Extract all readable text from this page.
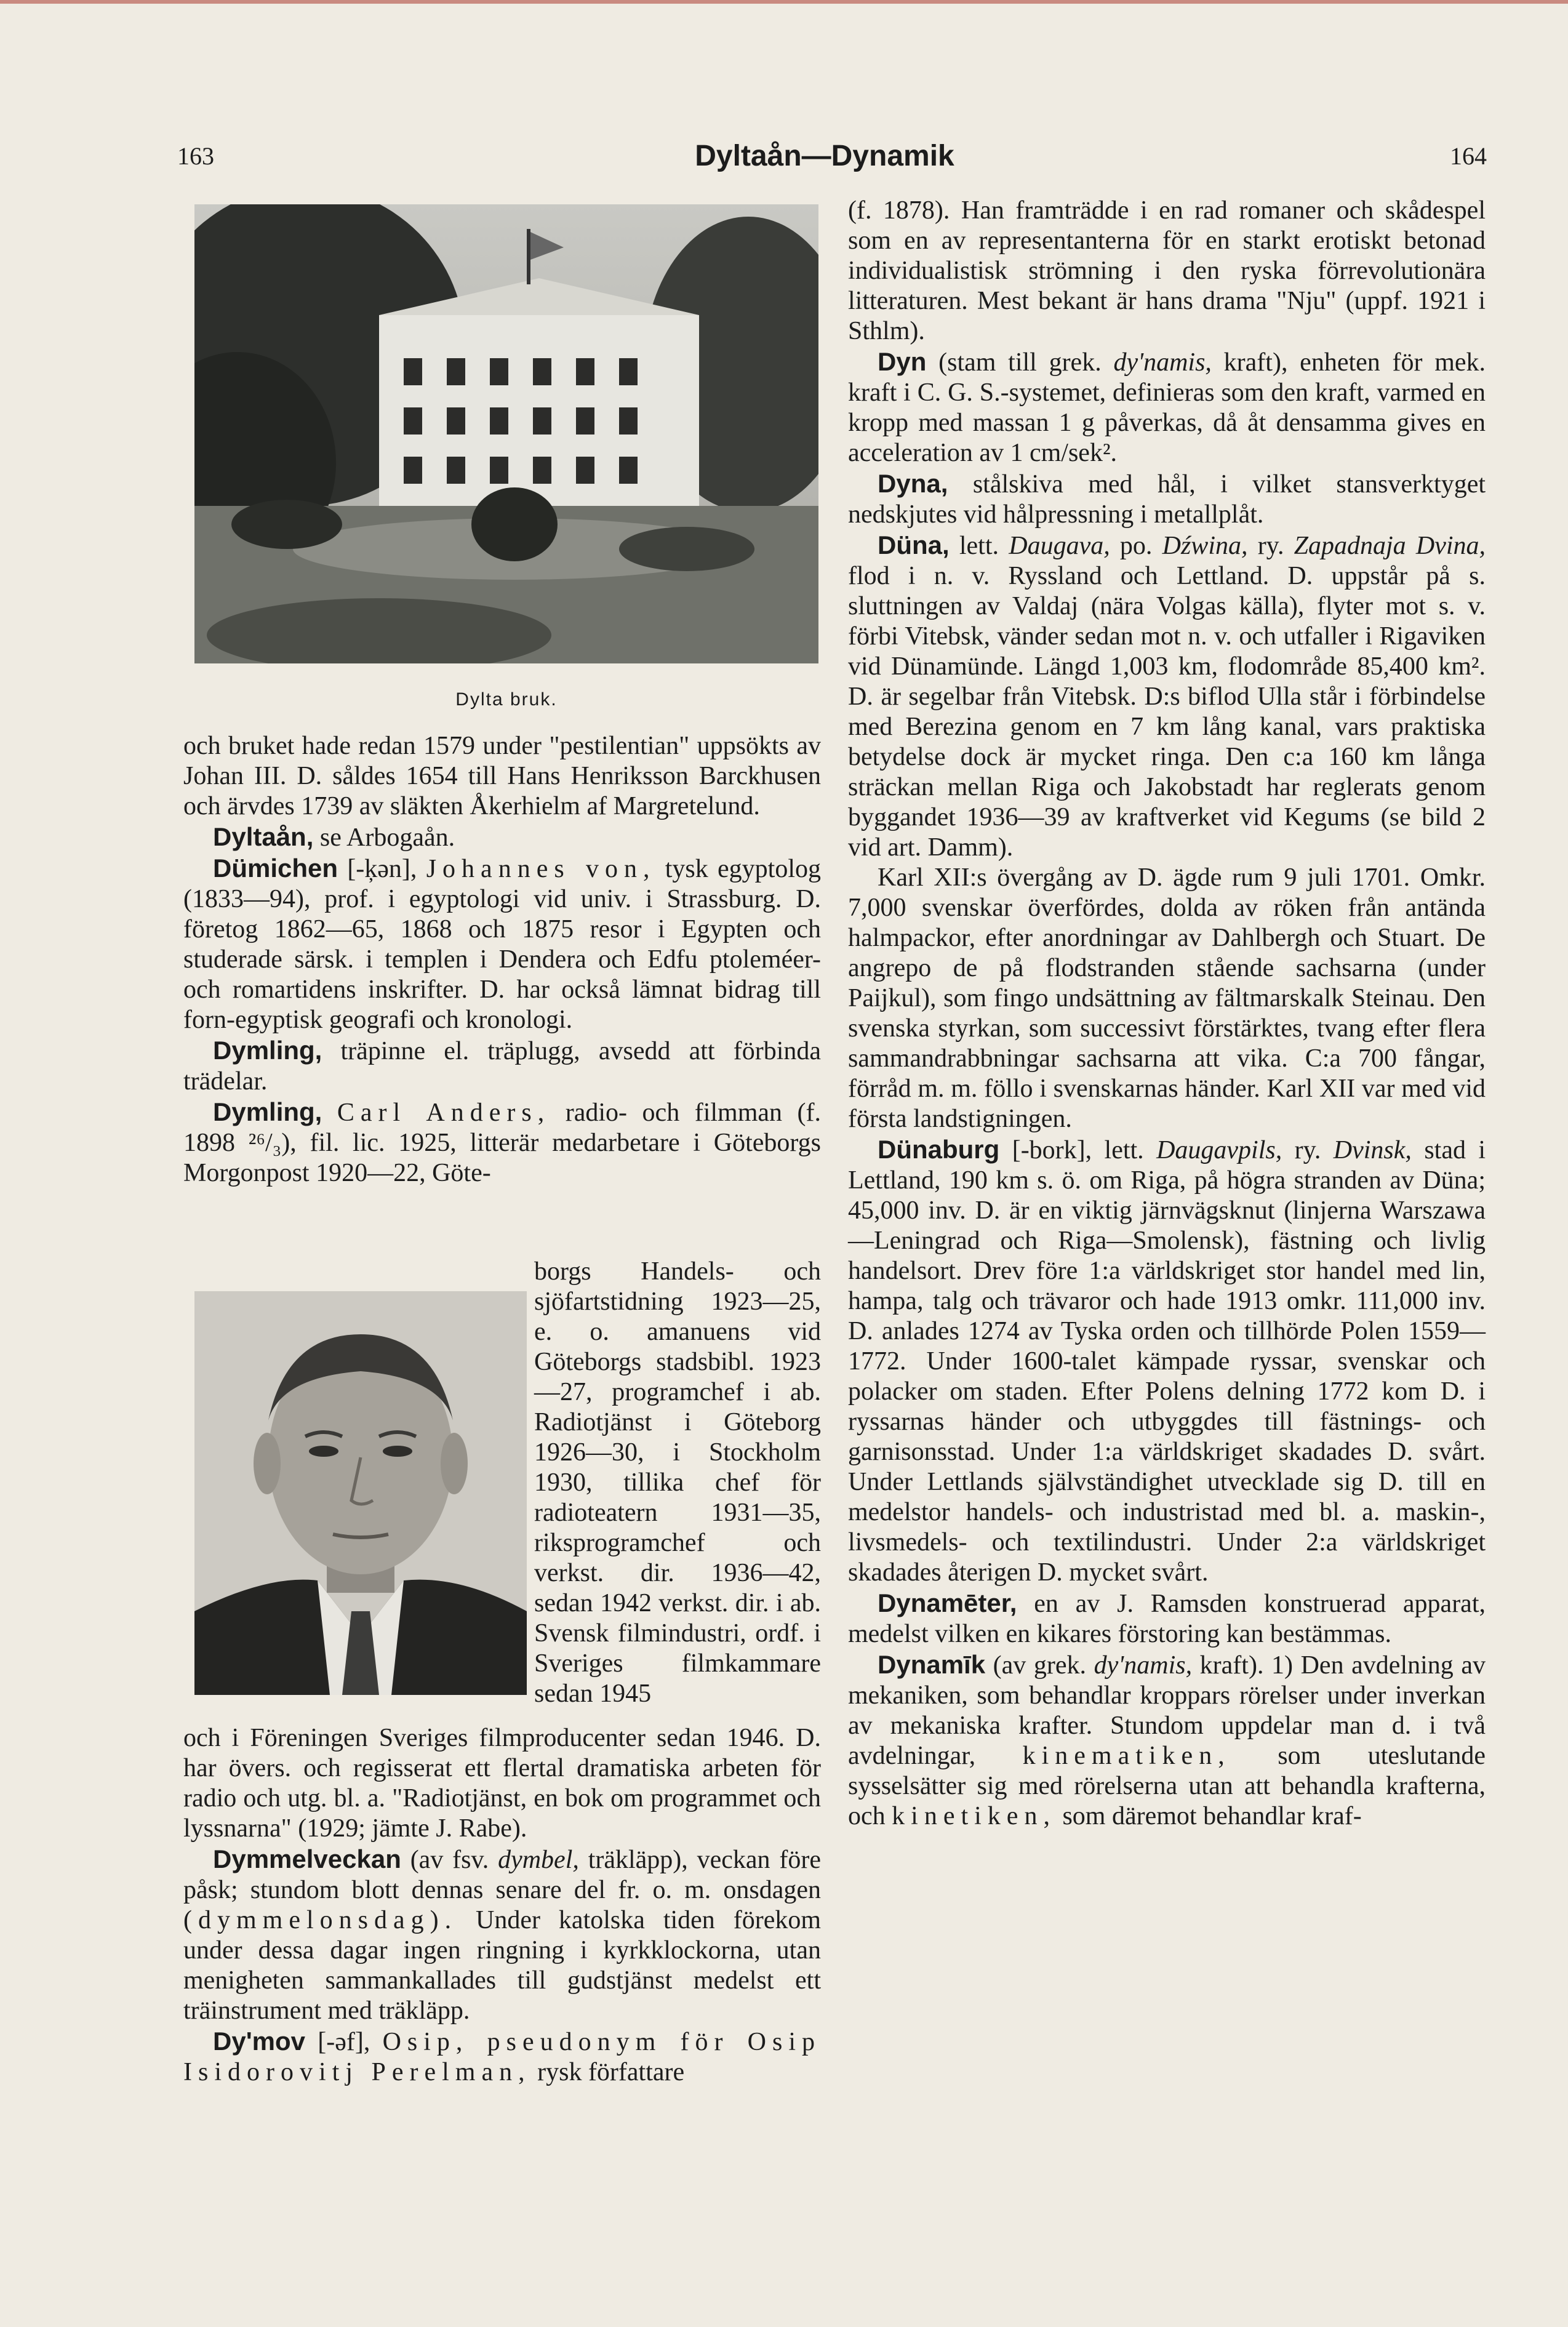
163	Dyltaån—Dynamik	164
Dylta bruk.

och bruket hade redan 1579 under "pestilentian" uppsökts av Johan III. D. såldes 1654 till Hans Henriksson Barckhusen och ärvdes 1739 av släkten Åkerhielm af Margretelund.

Dyltaån, se Arbogaån.

Dümichen [-ķən], Johannes von, tysk egyptolog (1833—94), prof. i egyptologi vid univ. i Strassburg. D. företog 1862—65, 1868 och 1875 resor i Egypten och studerade särsk. i templen i Dendera och Edfu ptoleméer- och romartidens inskrifter. D. har också lämnat bidrag till forn-egyptisk geografi och kronologi.

Dymling, träpinne el. träplugg, avsedd att förbinda trädelar.

Dymling, Carl Anders, radio- och filmman (f. 1898 ²⁶/₃), fil. lic. 1925, litterär medarbetare i Göteborgs Morgonpost 1920—22, Göte-

borgs Handels- och sjöfartstidning 1923—25, e. o. amanuens vid Göteborgs stadsbibl. 1923—27, programchef i ab. Radiotjänst i Göteborg 1926—30, i Stockholm 1930, tillika chef för radioteatern 1931—35, riksprogramchef och verkst. dir. 1936—42, sedan 1942 verkst. dir. i ab. Svensk filmindustri, ordf. i Sveriges filmkammare sedan 1945

och i Föreningen Sveriges filmproducenter sedan 1946. D. har övers. och regisserat ett flertal dramatiska arbeten för radio och utg. bl. a. "Radiotjänst, en bok om programmet och lyssnarna" (1929; jämte J. Rabe).

Dymmelveckan (av fsv. dymbel, träkläpp), veckan före påsk; stundom blott dennas senare del fr. o. m. onsdagen (dymmelonsdag). Under katolska tiden förekom under dessa dagar ingen ringning i kyrkklockorna, utan menigheten sammankallades till gudstjänst medelst ett träinstrument med träkläpp.

Dy'mov [-əf], Osip, pseudonym för Osip Isidorovitj Perelman, rysk författare

(f. 1878). Han framträdde i en rad romaner och skådespel som en av representanterna för en starkt erotiskt betonad individualistisk strömning i den ryska förrevolutionära litteraturen. Mest bekant är hans drama "Nju" (uppf. 1921 i Sthlm).

Dyn (stam till grek. dy'namis, kraft), enheten för mek. kraft i C. G. S.-systemet, definieras som den kraft, varmed en kropp med massan 1 g påverkas, då åt densamma gives en acceleration av 1 cm/sek².

Dyna, stålskiva med hål, i vilket stansverktyget nedskjutes vid hålpressning i metallplåt.

Düna, lett. Daugava, po. Dźwina, ry. Zapadnaja Dvina, flod i n. v. Ryssland och Lettland. D. uppstår på s. sluttningen av Valdaj (nära Volgas källa), flyter mot s. v. förbi Vitebsk, vänder sedan mot n. v. och utfaller i Rigaviken vid Dünamünde. Längd 1,003 km, flodområde 85,400 km². D. är segelbar från Vitebsk. D:s biflod Ulla står i förbindelse med Berezina genom en 7 km lång kanal, vars praktiska betydelse dock är mycket ringa. Den c:a 160 km långa sträckan mellan Riga och Jakobstadt har reglerats genom byggandet 1936—39 av kraftverket vid Kegums (se bild 2 vid art. Damm).

Karl XII:s övergång av D. ägde rum 9 juli 1701. Omkr. 7,000 svenskar överfördes, dolda av röken från antända halmpackor, efter anordningar av Dahlbergh och Stuart. De angrepo de på flodstranden stående sachsarna (under Paijkul), som fingo undsättning av fältmarskalk Steinau. Den svenska styrkan, som successivt förstärktes, tvang efter flera sammandrabbningar sachsarna att vika. C:a 700 fångar, förråd m. m. föllo i svenskarnas händer. Karl XII var med vid första landstigningen.

Dünaburg [-bork], lett. Daugavpils, ry. Dvinsk, stad i Lettland, 190 km s. ö. om Riga, på högra stranden av Düna; 45,000 inv. D. är en viktig järnvägsknut (linjerna Warszawa—Leningrad och Riga—Smolensk), fästning och livlig handelsort. Drev före 1:a världskriget stor handel med lin, hampa, talg och trävaror och hade 1913 omkr. 111,000 inv. D. anlades 1274 av Tyska orden och tillhörde Polen 1559—1772. Under 1600-talet kämpade ryssar, svenskar och polacker om staden. Efter Polens delning 1772 kom D. i ryssarnas händer och utbyggdes till fästnings- och garnisonsstad. Under 1:a världskriget skadades D. svårt. Under Lettlands självständighet utvecklade sig D. till en medelstor handels- och industristad med bl. a. maskin-, livsmedels- och textilindustri. Under 2:a världskriget skadades återigen D. mycket svårt.

Dynamēter, en av J. Ramsden konstruerad apparat, medelst vilken en kikares förstoring kan bestämmas.

Dynamīk (av grek. dy'namis, kraft). 1) Den avdelning av mekaniken, som behandlar kroppars rörelser under inverkan av mekaniska krafter. Stundom uppdelar man d. i två avdelningar, kinematiken, som uteslutande sysselsätter sig med rörelserna utan att behandla krafterna, och kinetiken, som däremot behandlar kraf-
